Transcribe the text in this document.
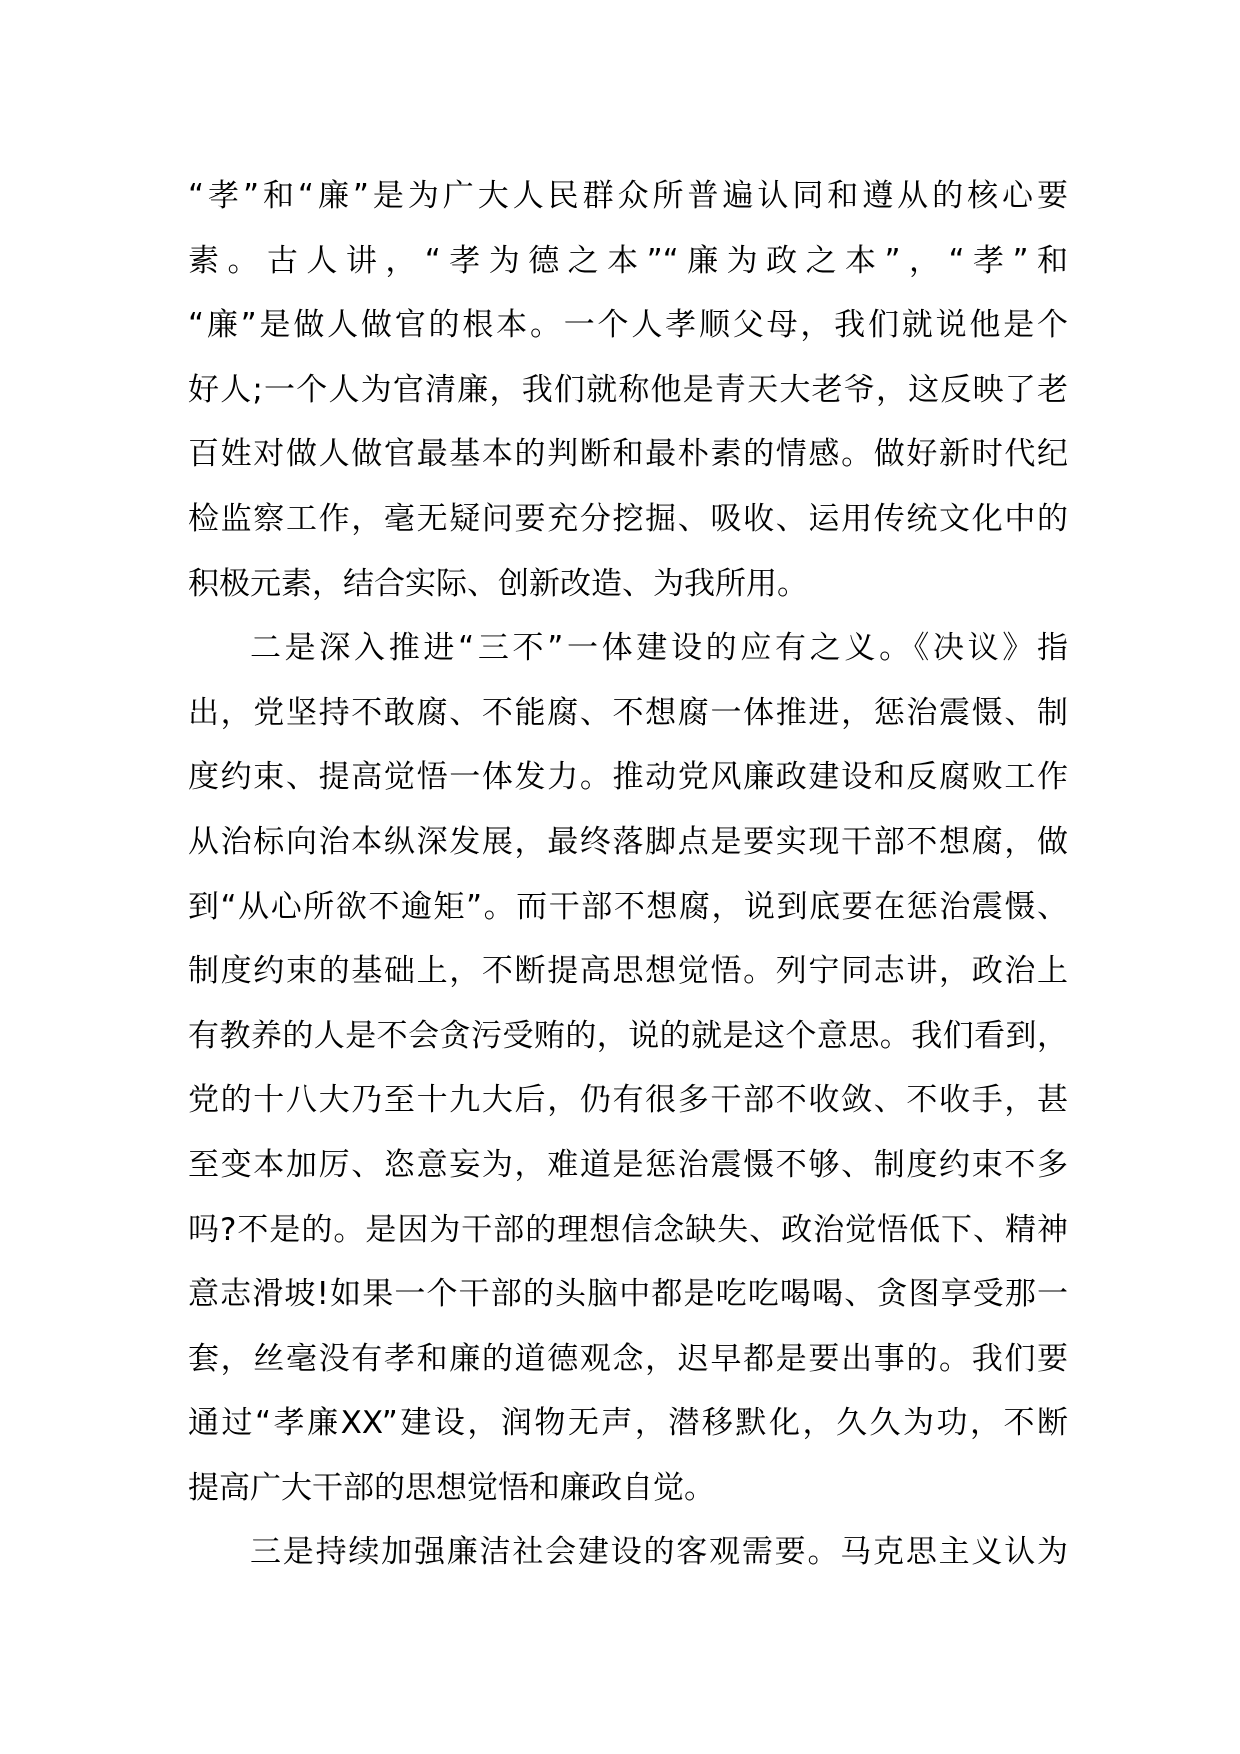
“孝”和“廉”是为广大人民群众所普遍认同和遵从的核心要
素。古人讲，“孝为德之本”“廉为政之本”，“孝”和
“廉”是做人做官的根本。一个人孝顺父母，我们就说他是个
好人;一个人为官清廉，我们就称他是青天大老爷，这反映了老
百姓对做人做官最基本的判断和最朴素的情感。做好新时代纪
检监察工作，毫无疑问要充分挖掘、吸收、运用传统文化中的
积极元素，结合实际、创新改造、为我所用。
二是深入推进“三不”一体建设的应有之义。《决议》指
出，党坚持不敢腐、不能腐、不想腐一体推进，惩治震慑、制
度约束、提高觉悟一体发力。推动党风廉政建设和反腐败工作
从治标向治本纵深发展，最终落脚点是要实现干部不想腐，做
到“从心所欲不逾矩”。而干部不想腐，说到底要在惩治震慑、
制度约束的基础上，不断提高思想觉悟。列宁同志讲，政治上
有教养的人是不会贪污受贿的，说的就是这个意思。我们看到，
党的十八大乃至十九大后，仍有很多干部不收敛、不收手，甚
至变本加厉、恣意妄为，难道是惩治震慑不够、制度约束不多
吗?不是的。是因为干部的理想信念缺失、政治觉悟低下、精神
意志滑坡!如果一个干部的头脑中都是吃吃喝喝、贪图享受那一
套，丝毫没有孝和廉的道德观念，迟早都是要出事的。我们要
通过“孝廉XX”建设，润物无声，潜移默化，久久为功，不断
提高广大干部的思想觉悟和廉政自觉。
三是持续加强廉洁社会建设的客观需要。马克思主义认为
